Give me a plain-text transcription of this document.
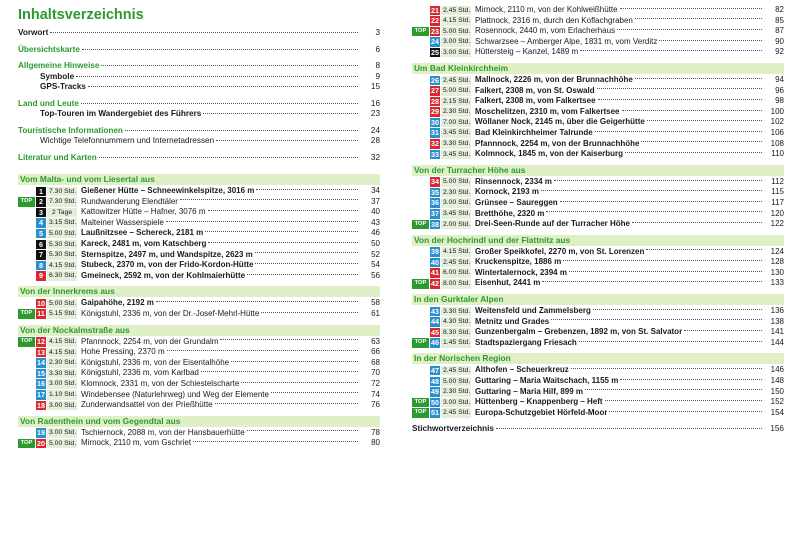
Inhaltsverzeichnis
Vorwort	3
Übersichtskarte	6
Allgemeine Hinweise	8
Symbole	9
GPS-Tracks	15
Land und Leute	16
Top-Touren im Wandergebiet des Führers	23
Touristische Informationen	24
Wichtige Telefonnummern und Internetadressen	28
Literatur und Karten	32
Vom Malta- und vom Liesertal aus
1 7.30 Std. Gießener Hütte – Schneewinkelspitze, 3016 m	34
TOP 2 7.30 Std. Rundwanderung Elendtäler	37
3	2 Tage	Kattowitzer Hütte – Hafner, 3076 m	40
4 3.15 Std. Malteiner Wasserspiele	43
5 5.00 Std. Laußnitzsee – Schereck, 2181 m	46
6 5.30 Std. Kareck, 2481 m, vom Katschberg	50
7 5.30 Std. Sternspitze, 2497 m, und Wandspitze, 2623 m	52
8 4.15 Std. Stubeck, 2370 m, von der Frido-Kordon-Hütte	54
9 6.30 Std. Gmeineck, 2592 m, von der Kohlmaierhütte	56
Von der Innerkrems aus
10 5.00 Std. Gaipahöhe, 2192 m	58
TOP 11 5.15 Std. Königstuhl, 2336 m, von der Dr.-Josef-Mehrl-Hütte	61
Von der Nockalmstraße aus
TOP 12 4.15 Std. Pfannnock, 2254 m, von der Grundalm	63
13 4.15 Std. Hohe Pressing, 2370 m	66
14 2.30 Std. Königstuhl, 2336 m, von der Eisentalhöhe	68
15 3.30 Std. Königstuhl, 2336 m, vom Karlbad	70
16 3.00 Std. Klomnock, 2331 m, von der Schiestelscharte	72
17 1.10 Std. Windebensee (Naturlehrweg) und Weg der Elemente	74
18 3.00 Std. Zunderwandsattel von der Prießhütte	76
Von Radenthein und vom Gegendtal aus
19 3.00 Std. Tschiernock, 2088 m, von der Hansbauerhütte	78
TOP 20 5.00 Std. Mirnock, 2110 m, vom Gschriet	80
21 2.45 Std. Mirnock, 2110 m, von der Kohlweißhütte	82
22 4.15 Std. Plattnock, 2316 m, durch den Koflachgraben	85
TOP 23 5.00 Std. Rosennock, 2440 m, vom Erlacherhaus	87
24 3.00 Std. Schwarzsee – Amberger Alpe, 1831 m, vom Verditz	90
25 3.00 Std. Hüttersteig – Kanzel, 1489 m	92
Um Bad Kleinkirchheim
26 2.45 Std. Mallnock, 2226 m, von der Brunnachhöhe	94
27 5.00 Std. Falkert, 2308 m, von St. Oswald	96
28 2.15 Std. Falkert, 2308 m, vom Falkertsee	98
29 2.30 Std. Moschelitzen, 2310 m, vom Falkertsee	100
30 7.00 Std. Wöllaner Nock, 2145 m, über die Geigerhütte	102
31 3.45 Std. Bad Kleinkirchheimer Talrunde	106
32 3.30 Std. Pfannnock, 2254 m, von der Brunnachhöhe	108
33 3.45 Std. Kolmnock, 1845 m, von der Kaiserburg	110
Von der Turracher Höhe aus
34 5.00 Std. Rinsennock, 2334 m	112
35 2.30 Std. Kornock, 2193 m	115
36 3.00 Std. Grünsee – Saureggen	117
37 3.45 Std. Bretthöhe, 2320 m	120
TOP 38 2.00 Std. Drei-Seen-Runde auf der Turracher Höhe	122
Von der Hochrindl und der Flattnitz aus
39 4.15 Std. Großer Speikkofel, 2270 m, von St. Lorenzen	124
40 2.45 Std. Kruckenspitze, 1886 m	128
41 6.00 Std. Wintertalernock, 2394 m	130
TOP 42 8.00 Std. Eisenhut, 2441 m	133
In den Gurktaler Alpen
43 3.30 Std. Weitensfeld und Zammelsberg	136
44 4.30 Std. Metnitz und Grades	138
45 8.30 Std. Gunzenbergalm – Grebenzen, 1892 m, von St. Salvator	141
TOP 46 1.45 Std. Stadtspaziergang Friesach	144
In der Norischen Region
47 2.45 Std. Althofen – Scheuerkreuz	146
48 5.00 Std. Guttaring – Maria Waitschach, 1155 m	148
49 2.30 Std. Guttaring – Maria Hilf, 899 m	150
TOP 50 3.00 Std. Hüttenberg – Knappenberg – Heft	152
TOP 51 2.45 Std. Europa-Schutzgebiet Hörfeld-Moor	154
Stichwortverzeichnis	156
